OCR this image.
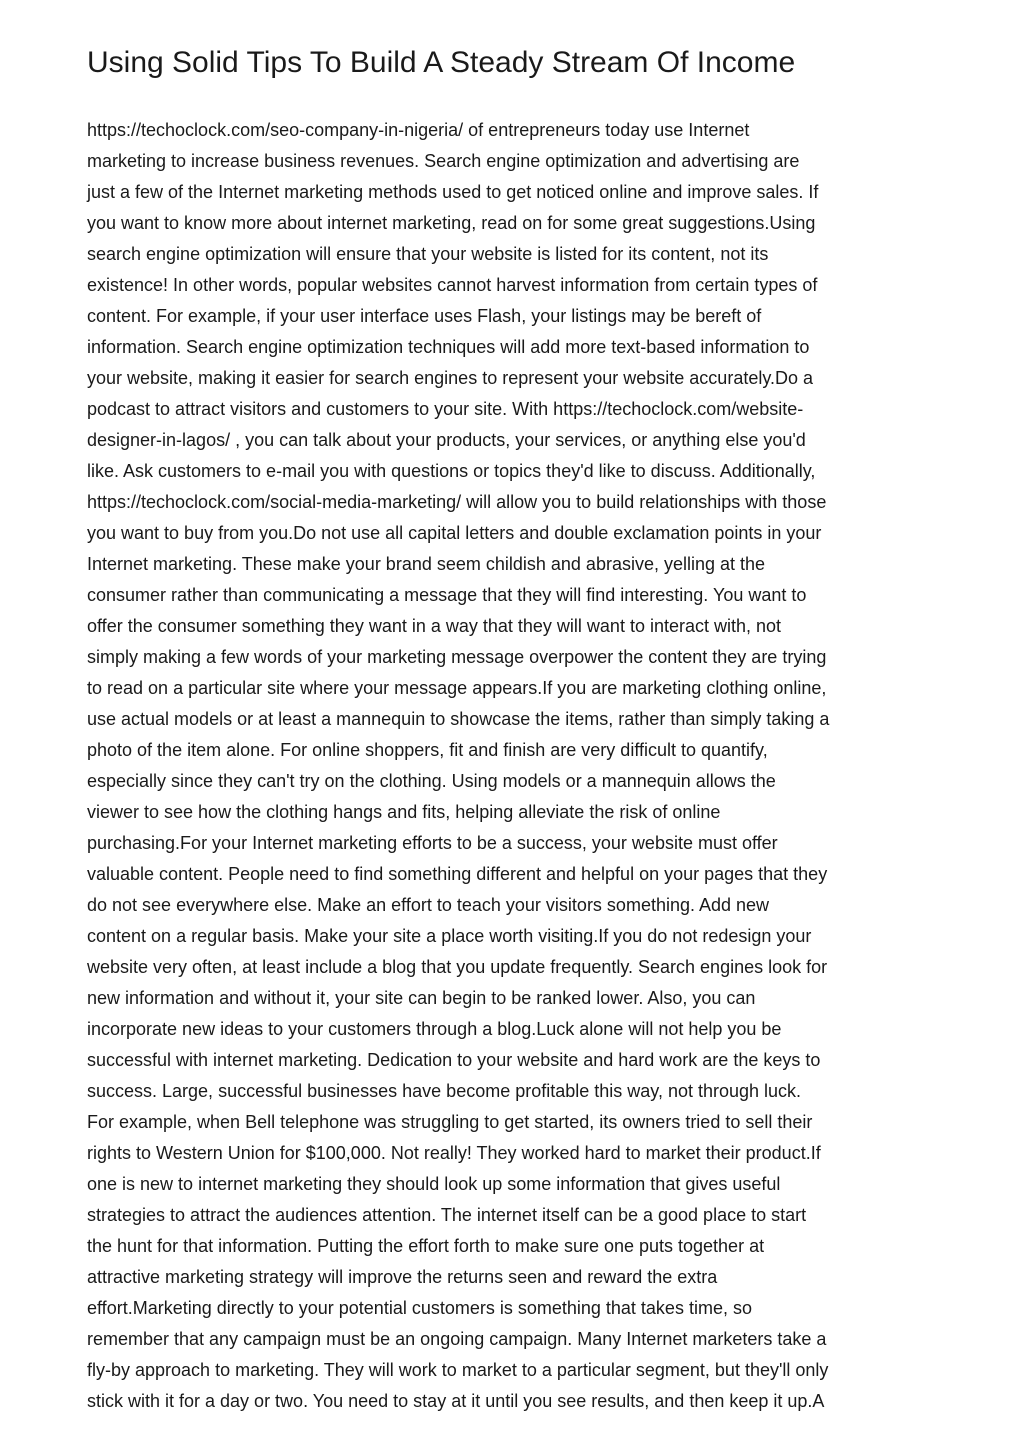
Using Solid Tips To Build A Steady Stream Of Income
https://techoclock.com/seo-company-in-nigeria/ of entrepreneurs today use Internet
marketing to increase business revenues. Search engine optimization and advertising are
just a few of the Internet marketing methods used to get noticed online and improve sales. If
you want to know more about internet marketing, read on for some great suggestions.Using
search engine optimization will ensure that your website is listed for its content, not its
existence! In other words, popular websites cannot harvest information from certain types of
content. For example, if your user interface uses Flash, your listings may be bereft of
information. Search engine optimization techniques will add more text-based information to
your website, making it easier for search engines to represent your website accurately.Do a
podcast to attract visitors and customers to your site. With https://techoclock.com/website-
designer-in-lagos/ , you can talk about your products, your services, or anything else you'd
like. Ask customers to e-mail you with questions or topics they'd like to discuss. Additionally,
https://techoclock.com/social-media-marketing/ will allow you to build relationships with those
you want to buy from you.Do not use all capital letters and double exclamation points in your
Internet marketing. These make your brand seem childish and abrasive, yelling at the
consumer rather than communicating a message that they will find interesting. You want to
offer the consumer something they want in a way that they will want to interact with, not
simply making a few words of your marketing message overpower the content they are trying
to read on a particular site where your message appears.If you are marketing clothing online,
use actual models or at least a mannequin to showcase the items, rather than simply taking a
photo of the item alone. For online shoppers, fit and finish are very difficult to quantify,
especially since they can't try on the clothing. Using models or a mannequin allows the
viewer to see how the clothing hangs and fits, helping alleviate the risk of online
purchasing.For your Internet marketing efforts to be a success, your website must offer
valuable content. People need to find something different and helpful on your pages that they
do not see everywhere else. Make an effort to teach your visitors something. Add new
content on a regular basis. Make your site a place worth visiting.If you do not redesign your
website very often, at least include a blog that you update frequently. Search engines look for
new information and without it, your site can begin to be ranked lower. Also, you can
incorporate new ideas to your customers through a blog.Luck alone will not help you be
successful with internet marketing. Dedication to your website and hard work are the keys to
success. Large, successful businesses have become profitable this way, not through luck.
For example, when Bell telephone was struggling to get started, its owners tried to sell their
rights to Western Union for $100,000. Not really! They worked hard to market their product.If
one is new to internet marketing they should look up some information that gives useful
strategies to attract the audiences attention. The internet itself can be a good place to start
the hunt for that information. Putting the effort forth to make sure one puts together at
attractive marketing strategy will improve the returns seen and reward the extra
effort.Marketing directly to your potential customers is something that takes time, so
remember that any campaign must be an ongoing campaign. Many Internet marketers take a
fly-by approach to marketing. They will work to market to a particular segment, but they'll only
stick with it for a day or two. You need to stay at it until you see results, and then keep it up.A
